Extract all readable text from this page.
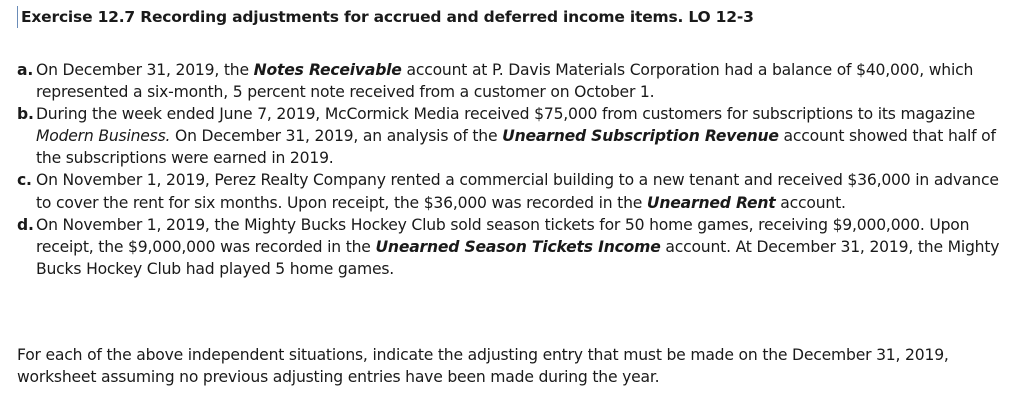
Exercise 12.7 Recording adjustments for accrued and deferred income items. LO 12-3
a. On December 31, 2019, the Notes Receivable account at P. Davis Materials Corporation had a balance of $40,000, which represented a six-month, 5 percent note received from a customer on October 1.
b. During the week ended June 7, 2019, McCormick Media received $75,000 from customers for subscriptions to its magazine Modern Business. On December 31, 2019, an analysis of the Unearned Subscription Revenue account showed that half of the subscriptions were earned in 2019.
c. On November 1, 2019, Perez Realty Company rented a commercial building to a new tenant and received $36,000 in advance to cover the rent for six months. Upon receipt, the $36,000 was recorded in the Unearned Rent account.
d. On November 1, 2019, the Mighty Bucks Hockey Club sold season tickets for 50 home games, receiving $9,000,000. Upon receipt, the $9,000,000 was recorded in the Unearned Season Tickets Income account. At December 31, 2019, the Mighty Bucks Hockey Club had played 5 home games.
For each of the above independent situations, indicate the adjusting entry that must be made on the December 31, 2019, worksheet assuming no previous adjusting entries have been made during the year.
